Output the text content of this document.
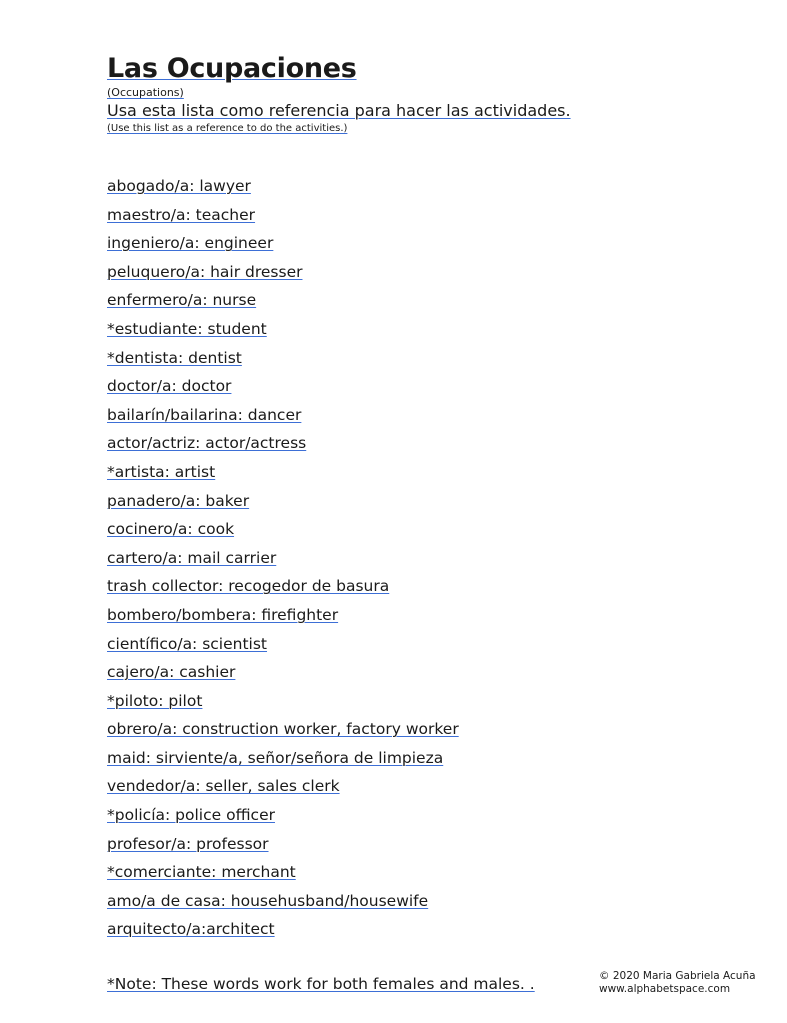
Las Ocupaciones
(Occupations)
Usa esta lista como referencia para hacer las actividades.
(Use this list as a reference to do the activities.)
abogado/a: lawyer
maestro/a: teacher
ingeniero/a: engineer
peluquero/a: hair dresser
enfermero/a: nurse
*estudiante: student
*dentista: dentist
doctor/a: doctor
bailarín/bailarina: dancer
actor/actriz: actor/actress
*artista: artist
panadero/a: baker
cocinero/a: cook
cartero/a: mail carrier
trash collector: recogedor de basura
bombero/bombera: firefighter
científico/a: scientist
cajero/a: cashier
*piloto: pilot
obrero/a: construction worker, factory worker
maid: sirviente/a, señor/señora de limpieza
vendedor/a: seller, sales clerk
*policía: police officer
profesor/a: professor
*comerciante: merchant
amo/a de casa: househusband/housewife
arquitecto/a:architect
*Note: These words work for both females and males. .	© 2020 Maria Gabriela Acuña
www.alphabetspace.com
